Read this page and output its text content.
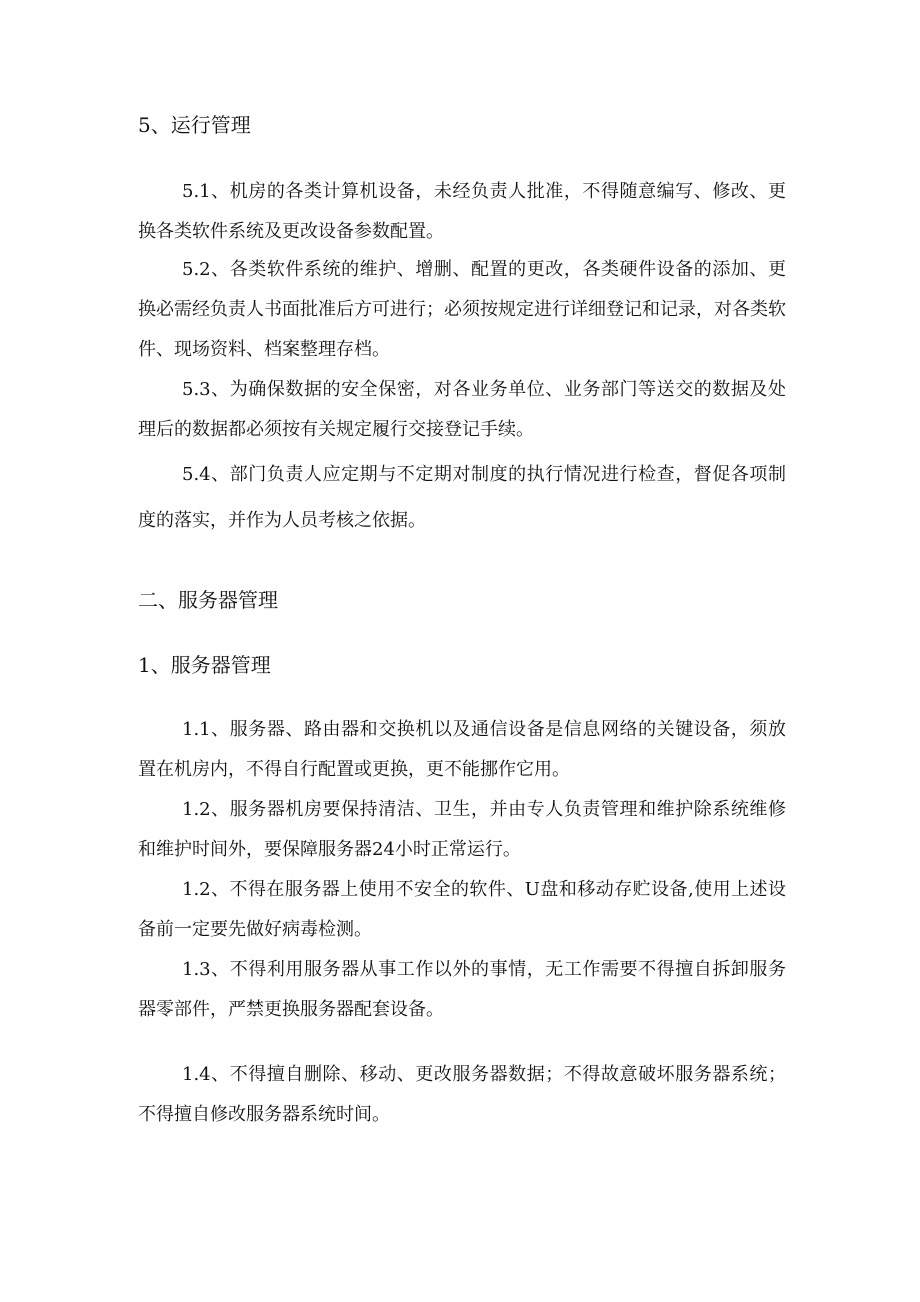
5、运行管理
5.1、机房的各类计算机设备，未经负责人批准，不得随意编写、修改、更换各类软件系统及更改设备参数配置。
5.2、各类软件系统的维护、增删、配置的更改，各类硬件设备的添加、更换必需经负责人书面批准后方可进行；必须按规定进行详细登记和记录，对各类软件、现场资料、档案整理存档。
5.3、为确保数据的安全保密，对各业务单位、业务部门等送交的数据及处理后的数据都必须按有关规定履行交接登记手续。
5.4、部门负责人应定期与不定期对制度的执行情况进行检查，督促各项制度的落实，并作为人员考核之依据。
二、服务器管理
1、服务器管理
1.1、服务器、路由器和交换机以及通信设备是信息网络的关键设备，须放置在机房内，不得自行配置或更换，更不能挪作它用。
1.2、服务器机房要保持清洁、卫生，并由专人负责管理和维护除系统维修和维护时间外，要保障服务器24小时正常运行。
1.2、不得在服务器上使用不安全的软件、U盘和移动存贮设备,使用上述设备前一定要先做好病毒检测。
1.3、不得利用服务器从事工作以外的事情，无工作需要不得擅自拆卸服务器零部件，严禁更换服务器配套设备。
1.4、不得擅自删除、移动、更改服务器数据；不得故意破坏服务器系统；不得擅自修改服务器系统时间。
